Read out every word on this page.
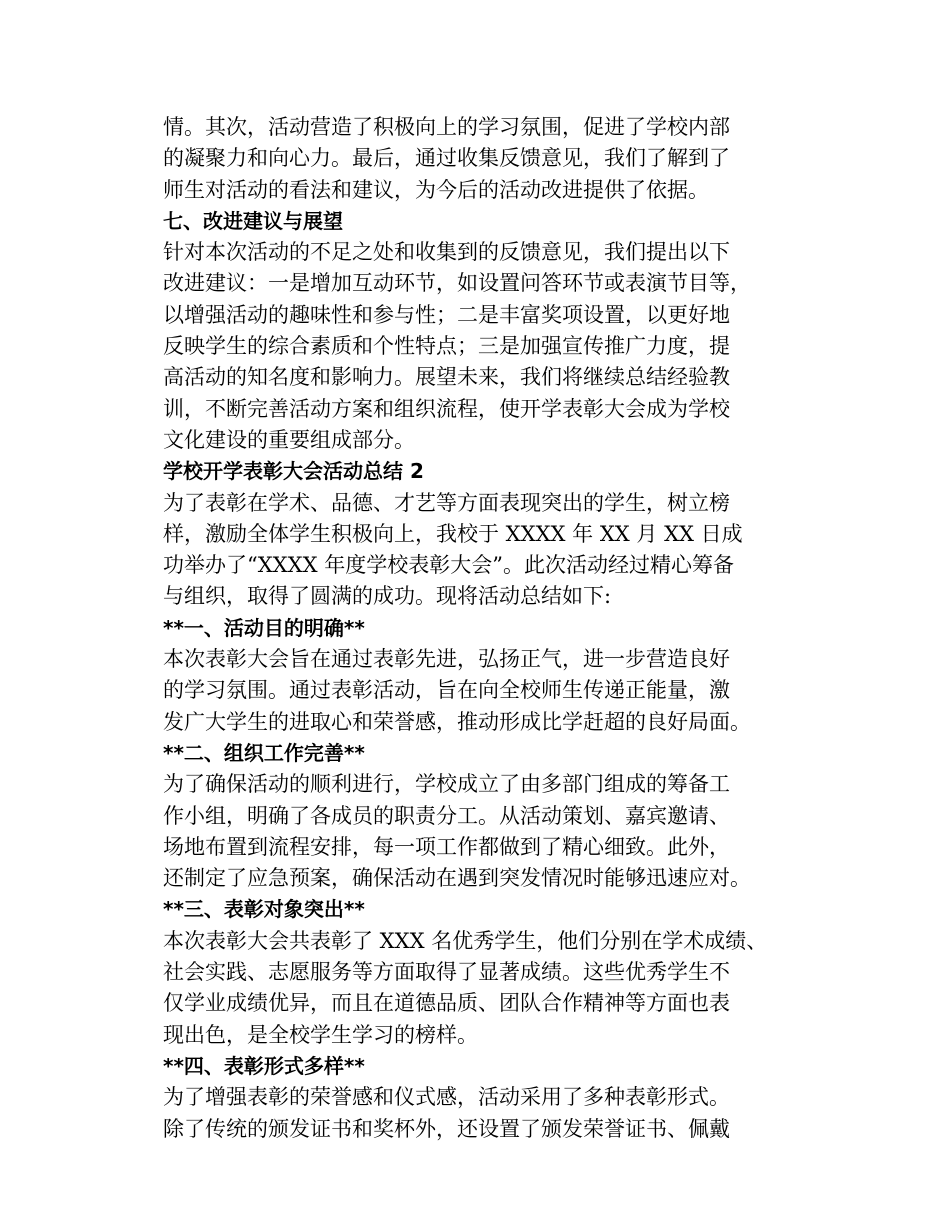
情。其次，活动营造了积极向上的学习氛围，促进了学校内部
的凝聚力和向心力。最后，通过收集反馈意见，我们了解到了
师生对活动的看法和建议，为今后的活动改进提供了依据。
七、改进建议与展望
针对本次活动的不足之处和收集到的反馈意见，我们提出以下
改进建议：一是增加互动环节，如设置问答环节或表演节目等，
以增强活动的趣味性和参与性；二是丰富奖项设置，以更好地
反映学生的综合素质和个性特点；三是加强宣传推广力度，提
高活动的知名度和影响力。展望未来，我们将继续总结经验教
训，不断完善活动方案和组织流程，使开学表彰大会成为学校
文化建设的重要组成部分。
学校开学表彰大会活动总结 2
为了表彰在学术、品德、才艺等方面表现突出的学生，树立榜
样，激励全体学生积极向上，我校于 XXXX 年 XX 月 XX 日成
功举办了“XXXX 年度学校表彰大会”。此次活动经过精心筹备
与组织，取得了圆满的成功。现将活动总结如下:
**一、活动目的明确**
本次表彰大会旨在通过表彰先进，弘扬正气，进一步营造良好
的学习氛围。通过表彰活动，旨在向全校师生传递正能量，激
发广大学生的进取心和荣誉感，推动形成比学赶超的良好局面。
**二、组织工作完善**
为了确保活动的顺利进行，学校成立了由多部门组成的筹备工
作小组，明确了各成员的职责分工。从活动策划、嘉宾邀请、
场地布置到流程安排，每一项工作都做到了精心细致。此外，
还制定了应急预案，确保活动在遇到突发情况时能够迅速应对。
**三、表彰对象突出**
本次表彰大会共表彰了 XXX 名优秀学生，他们分别在学术成绩、
社会实践、志愿服务等方面取得了显著成绩。这些优秀学生不
仅学业成绩优异，而且在道德品质、团队合作精神等方面也表
现出色，是全校学生学习的榜样。
**四、表彰形式多样**
为了增强表彰的荣誉感和仪式感，活动采用了多种表彰形式。
除了传统的颁发证书和奖杯外，还设置了颁发荣誉证书、佩戴
